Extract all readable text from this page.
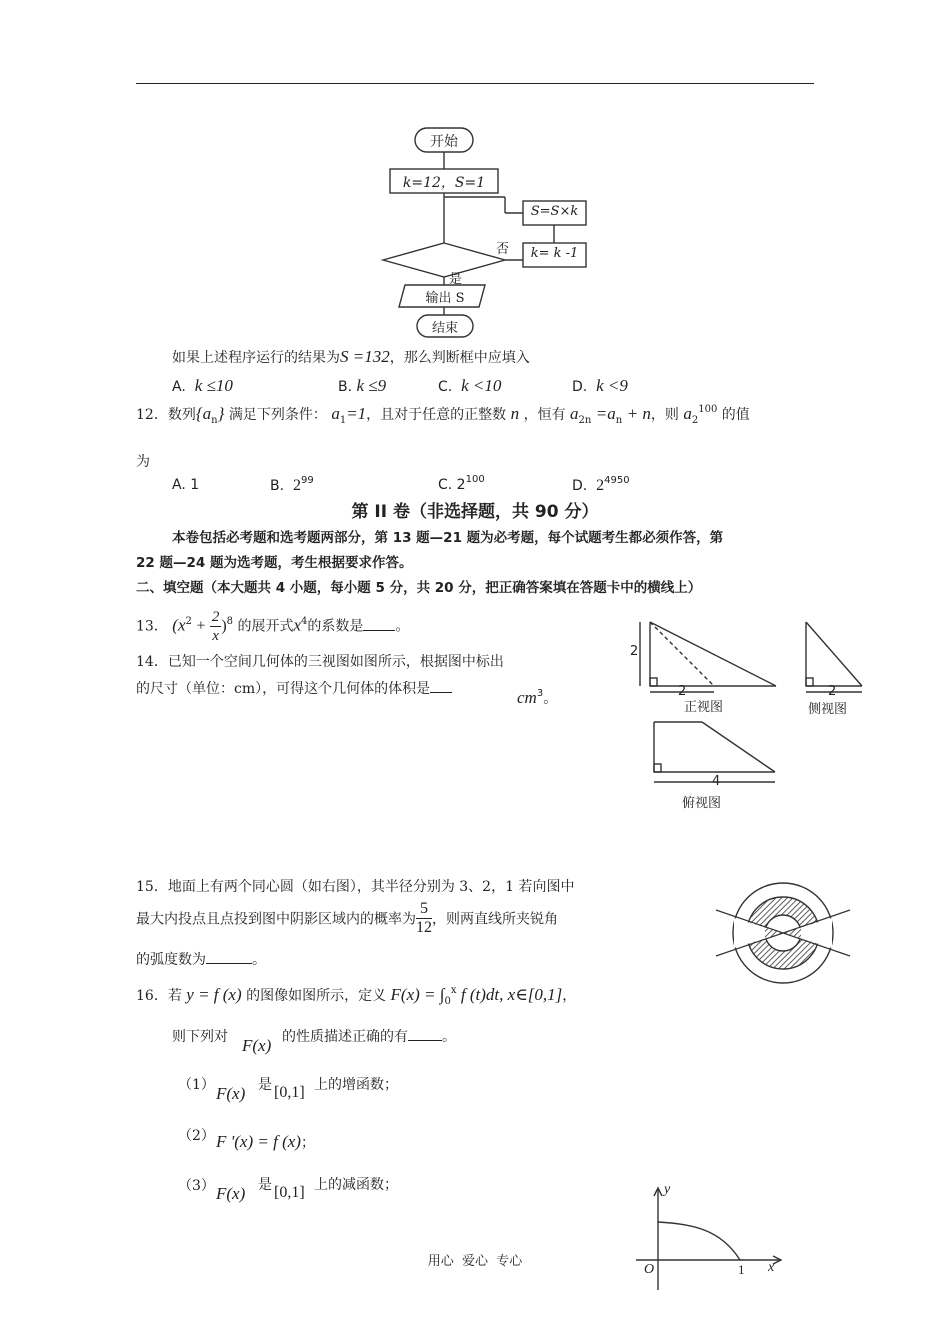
开始
k=12，S=1
S=S×k
k= k -1
否
是
输出 S
结束
如果上述程序运行的结果为S =132，那么判断框中应填入
A. k ≤10	B. k ≤9	C. k <10	D. k <9
12．数列$\{a_n\}$ 满足下列条件： $a_1=1$，且对于任意的正整数 n ，恒有 $a_{2n} =a_n + n$，则 $a_2^{100}$ 的值
为
A. 1	B. $2^{99}$	C. $2^{100}$	D. $2^{4950}$
第 II 卷（非选择题，共 90 分）
本卷包括必考题和选考题两部分，第 13 题—21 题为必考题，每个试题考生都必须作答，第
22 题—24 题为选考题，考生根据要求作答。
二、填空题（本大题共 4 小题，每小题 5 分，共 20 分，把正确答案填在答题卡中的横线上）
13． $(x^2 + \frac{2}{x} )^8$ 的展开式$x^4$的系数是 。
14．已知一个空间几何体的三视图如图所示，根据图中标出
的尺寸（单位：cm），可得这个几何体的体积是	$cm^3$。
2
2
正视图
2
侧视图
4
俯视图
15．地面上有两个同心圆（如右图），其半径分别为 3、2，1 若向图中
最大内投点且点投到图中阴影区域内的概率为 $\frac{5}{12}$ ，则两直线所夹锐角
的弧度数为	。
16．若 y = f (x) 的图像如图所示，定义 $F(x) = \int_0^x$ f (t)dt, x∈[0,1]，
则下列对 F(x) 的性质描述正确的有 。
（1） F(x) 是 [0,1] 上的增函数；
（2） F '(x) = f (x)；
（3） F(x) 是 [0,1] 上的减函数；	y
x
O	1
用心  爱心  专心
